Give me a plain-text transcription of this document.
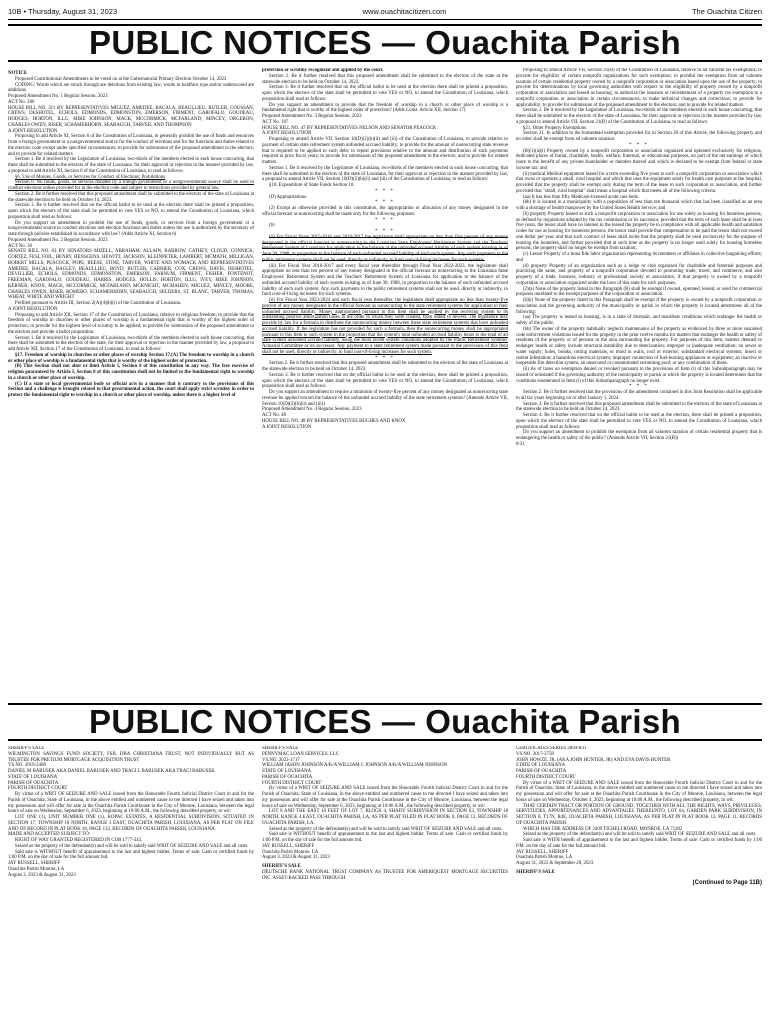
10B • Thursday, August 31, 2023	www.ouachitacitizen.com	The Ouachita Citizen
PUBLIC NOTICES — Ouachita Parish

NOTICE

Proposed Constitutional Amendments to be voted on at the Gubernatorial Primary Election October 14, 2023

CODING: Words which are struck through are deletions from existing law; words in boldface type and/or underscored are additions.

Proposed Amendment No. 1 Regular Session, 2023

ACT No. 200

HOUSE BILL NO. 311 BY REPRESENTATIVES MIGUEZ, AMEDEE, BACALA, BEAULLIEU, BUTLER, COUSSAN, CREWS, DESHOTEL, ECHOLS, EDMONDS, EDMONSTON, EMERSON, FIRMENT, GAROFALO, GOUDEAU, HODGES, HORTON, ILLG, MIKE JOHNSON, MACK, MCCORMICK, MCFARLAND, MINCEY, ORGERON, CHARLES OWEN, RISER, SCHAMERHORN, SEABAUGH, TARVER, AND THOMPSON

A JOINT RESOLUTION

Proposing to add Article XI, Section 6 of the Constitution of Louisiana, to generally prohibit the use of funds and resources from a foreign government or a nongovernmental source for the conduct of elections and for the functions and duties related to the election code except under specified circumstances; to provide for submission of the proposed amendment to the electors; and to provide for related matters.

Section 1. Be it resolved by the Legislature of Louisiana, two-thirds of the members elected to each house concurring, that there shall be submitted to the electors of the state of Louisiana, for their approval or rejection in the manner provided by law, a proposal to add Article XI, Section 6 of the Constitution of Louisiana, to read as follows:

§6. Use of Monies, Goods, or Services for Conduct of Elections; Prohibitions

Section 6. No funds, goods, or services donated by a foreign government or a nongovernmental source shall be used to conduct elections unless provided for in the election code and subject to restrictions provided by general law.

Section 2. Be it further resolved that this proposed amendment shall be submitted to the electors of the state of Louisiana at the statewide election to be held on October 14, 2023.

Section 3. Be it further resolved that on the official ballot to be used at the election there shall be printed a proposition, upon which the electors of the state shall be permitted to vote YES or NO, to amend the Constitution of Louisiana, which proposition shall read as follows:

Do you support an amendment to prohibit the use of funds, goods, or services from a foreign government or a nongovernmental source to conduct elections and election functions and duties unless the use is authorized by the secretary of state through policies established in accordance with law? (Adds Article XI, Section 6)

Proposed Amendment No. 2 Regular Session, 2023

ACT No. 30

SENATE BILL NO. 63 BY SENATORS MIZELL, ABRAHAM, ALLAIN, BARROW, CATHEY, CLOUD, CONNICK, CORTEZ, FESI, FOIL, HENRY, HENSGENS, HEWITT, JACKSON, KLEINPETER, LAMBERT, MCMATH, MILLIGAN, ROBERT MILLS, PEACOCK, POPE, REESE, STINE, TARVER, WHITE AND WOMACK AND REPRESENTATIVES AMEDEE, BACALA, BAGLEY, BEAULLIEU, BOYD, BUTLER, CARRIER, COX, CREWS, DAVIS, DESHOTEL, DEVILLIER, ECHOLS, EDMONDS, EDMONSTON, EMERSON, FARNUM, FIRMENT, FISHER, FONTENOT, FREEMAN, GAROFALO, GOUDEAU, HARRIS, HODGES, HOLLIS, HORTON, ILLG, IVEY, MIKE JOHNSON, KERNER, KNOX, MACK, MCCORMICK, MCFARLAND, MCKNIGHT, MCMAHEN, MIGUEZ, MINCEY, MOORE, CHARLES OWEN, RISER, ROMERO, SCHAMERHORN, SEABAUGH, SELDERS, ST. BLANC, TARVER, THOMAS, WHEAT, WHITE AND WRIGHT

Prefiled pursuant to Article III, Section 2(A)(4)(b)(i) of the Constitution of Louisiana.

A JOINT RESOLUTION

Proposing to add Article XII, Section 17 of the Constitution of Louisiana, relative to religious freedom; to provide that the freedom of worship in churches or other places of worship is a fundamental right that is worthy of the highest order of protection; to provide for the highest level of scrutiny to be applied; to provide for submission of the proposed amendment to the electors and provide a ballot proposition.

Section 1. Be it resolved by the Legislature of Louisiana, two-thirds of the members elected to each house concurring, that there shall be submitted to the electors of the state, for their approval or rejection in the manner provided by law, a proposal to add Article XII, Section 17 of the Constitution of Louisiana, to read as follows:

§17. Freedom of worship in churches or other places of worship Section 17.(A) The freedom to worship in a church or other place of worship is a fundamental right that is worthy of the highest order of protection.

(B) This Section shall not alter or limit Article I, Section 8 of this constitution in any way. The free exercise of religion guaranteed by Article I, Section 8 of this constitution shall not be limited to the fundamental right to worship in a church or other place of worship.

(C) If a state or local governmental body or official acts in a manner that is contrary to the provisions of this Section and a challenge is brought related to that governmental action, the court shall apply strict scrutiny in order to protect the fundamental right to worship in a church or other place of worship, unless there is a higher level of

protection or scrutiny recognized and applied by the court.

Section 2. Be it further resolved that this proposed amendment shall be submitted to the electors of the state at the statewide election to be held on October 14, 2023.

Section 3. Be it further resolved that on the official ballot to be used at the election there shall be printed a proposition, upon which the electors of the state shall be permitted to vote YES or NO, to amend the Constitution of Louisiana, which proposition shall read as follows:

Do you support an amendment to provide that the freedom of worship in a church or other place of worship is a fundamental right that is worthy of the highest order of protection? (Adds Const. Article XII, Section 17)

Proposed Amendment No. 3 Regular Session, 2023

ACT No. 107

HOUSE BILL NO. 47 BY REPRESENTATIVES NELSON AND SENATOR PEACOCK

A JOINT RESOLUTION

Proposing to amend Article VII, Section 10(D)(2)(b)(ii) and (iii) of the Constitution of Louisiana, to provide relative to payment of certain state retirement system unfunded accrued liability; to provide for the amount of nonrecurring state revenue that is required to be applied to such debt; to repeal provisions relative to the amount and distribution of such payments required in prior fiscal years; to provide for submission of the proposed amendment to the electors; and to provide for related matters.

Section 1. Be it resolved by the Legislature of Louisiana, two-thirds of the members elected to each house concurring, that there shall be submitted to the electors of the state of Louisiana, for their approval or rejection in the manner provided by law, a proposal to amend Article VII, Section 10(D)(2)(b)(ii) and (iii) of the Constitution of Louisiana, to read as follows:

§10. Expenditure of State Funds Section 10.

* * *

(D) Appropriations.

* * *

(2) Except as otherwise provided in this constitution, the appropriation or allocation of any money designated in the official forecast as nonrecurring shall be made only for the following purposes:

* * *

(b)

* * *

(ii) For Fiscal Years 2015-2016 and 2016-2017 the legislature shall appropriate no less than five percent of any money designated in the official forecast as nonrecurring to the Louisiana State Employees' Retirement System and the Teachers' Retirement System of Louisiana for application to the balance of the unfunded accrued liability of each system existing as of June 30, 1988, in proportion to the balance of each unfunded accrued liability of each such system. Any such payments to the public retirement systems shall not be used, directly or indirectly, to fund cost-of-living increases for such systems.

(iii) For Fiscal Year 2016-2017 and every fiscal year thereafter through Final Year 2022-2023, the legislature shall appropriate no less than ten percent of any money designated in the official forecast as nonrecurring to the Louisiana State Employees' Retirement System and the Teachers' Retirement System of Louisiana for application to the balance of the unfunded accrued liability of each system existing as of June 30, 1988, in proportion to the balance of each unfunded accrued liability of each such system. Any such payments to the public retirement systems shall not be used, directly or indirectly, to fund cost-of-living increases for such systems.

(ii) For Fiscal Year 2023-2024 and each fiscal year thereafter, the legislature shall appropriate no less than twenty-five percent of any money designated in the official forecast as nonrecurring to the state retirement systems for application to their unfunded accrued liability. Money appropriated pursuant to this Item shall be applied by the receiving system to its outstanding positive amortization bases in the order in which they were created, from oldest to newest. The legislature may provide by law for a formula to distribute the nonrecurring money between these state retirement systems that have unfunded accrued liability. If the legislature has not provided for such a formula, then the nonrecurring money shall be appropriated pursuant to this Item to such system in the proportion that the system's total unfunded accrued liability bears to the total of all state system unfunded accrued liability, using the most recent system valuations adopted by the Public Retirement Systems' Actuarial Committee or its successor. Any payment to a state retirement system made pursuant to the provisions of this Item shall not be used, directly or indirectly, to fund cost-of-living increases for such system.

* * *

Section 2. Be it further resolved that this proposed amendment shall be submitted to the electors of the state of Louisiana at the statewide election to be held on October 14, 2023.

Section 3. Be it further resolved that on the official ballot to be used at the election, there shall be printed a proposition, upon which the electors of the state shall be permitted to vote YES or NO, to amend the Constitution of Louisiana, which proposition shall read as follows:

Do you support an amendment to require a minimum of twenty-five percent of any money designated as nonrecurring state revenue be applied toward the balance of the unfunded accrued liability of the state retirement systems? (Amends Article VII, Section 10(D)(2)(b)(ii) and (iii))

Proposed Amendment No. 4 Regular Session, 2023

ACT No. 48

HOUSE BILL NO. 48 BY REPRESENTATIVES HUGHES AND KNOX

A JOINT RESOLUTION

Proposing to amend Article VII, Section 21(B) of the Constitution of Louisiana, relative to ad valorem tax exemptions; to provide for eligibility of certain nonprofit organizations for such exemption; to prohibit the exemption from ad valorem taxation of certain residential property owned by a nonprofit corporation or association based upon the use of the property; to provide for determinations by local governing authorities with respect to the eligibility of property owned by a nonprofit corporation or association and leased as housing; to authorize the issuance or reinstatement of a property tax exemption to a nonprofit corporation or association in certain circumstances; to make technical changes and corrections; to provide for applicability; to provide for submission of the proposed amendment to the electors; and to provide for related matters.

Section 1. Be it resolved by the Legislature of Louisiana, two-thirds of the members elected to each house concurring, that there shall be submitted to the electors of the state of Louisiana, for their approval or rejection in the manner provided by law, a proposal to amend Article VII, Section 21(B) of the Constitution of Louisiana, to read as follows:

§21. Other Property Exemptions

Section 21. In addition to the homestead exemption provided for in Section 20 of this Article, the following property and no other shall be exempt from ad valorem taxation:

* * *

(B)(1)(a)(i) Property owned by a nonprofit corporation or association organized and operated exclusively for religious, dedicated places of burial, charitable, health, welfare, fraternal, or educational purposes, no part of the net earnings of which inure to the benefit of any private shareholder or member thereof and which is declared to be exempt from federal or state income tax; and

(ii) medical Medical equipment leased for a term exceeding five years to such a nonprofit corporation or association which that owns or operates a small, rural hospital and which that uses the equipment solely for health care purposes at the hospital, provided that the property shall be exempt only during the term of the lease to such corporation or association, and further provided that "small, rural hospital" shall mean a hospital which that meets all of the following criteria:

(aa) It has less than fifty Medicare-licensed acute care beds.

(bb) It is located in a municipality with a population of less than ten thousand which that has been classified as an area with a shortage of health manpower by the United States Health Service; and

(b) property Property leased to such a nonprofit corporation or association for use solely as housing for homeless persons, as defined by regulations adopted by the tax commission or its successor, provided that the term of such lease shall be at least five years, the lessor shall have no interest in the leased the property be in compliance with all applicable health and sanitation codes for use as housing for homeless persons, the lessor shall provide that compensation to be paid the lessor shall not exceed one dollar per year, and that such contract of lease shall recite that the property shall be used exclusively for the purpose of housing the homeless, and further provided that at such time as the property is no longer used solely for housing homeless persons, the property shall no longer be exempt from taxation;

(c) Lessor Property of a bona fide labor organization representing its members or affiliates in collective bargaining efforts; and

(d) property Property of an organization such as a lodge or club organized for charitable and fraternal purposes and practicing the same, and property of a nonprofit corporation devoted to promoting trade, travel, and commerce, and also property of a trade, business, industry or professional society or association, if that property is owned by a nonprofit corporation or association organized under the laws of this state for such purposes.

(2)(a) None of the property listed in this Paragraph (B) shall be exempt if owned, operated, leased, or used for commercial purposes unrelated to the exempt purposes of the corporation or association.

(b)(i) None of the property listed in this Paragraph shall be exempt if the property is owned by a nonprofit corporation or association and the governing authority of the municipality or parish in which the property is located determines all of the following:

(aa) The property is leased as housing, is in a state of disrepair, and manifests conditions which endanger the health or safety of the public.

(bb) The owner of the property habitually neglects maintenance of the property as evidenced by three or more sustained code enforcement violations issued for the property in the prior twelve months for matters that endanger the health or safety of residents of the property or of persons in the area surrounding the property. For purposes of this Item, matters deemed to endanger health or safety include structural instability due to deterioration; improper or inadequate ventilation; no sewer or water supply; holes, breaks, rotting materials, or mold in walls, roof or exterior; substandard electrical systems; insect or rodent infestation; a hazardous electrical system; improper connection of fuel-burning appliances or equipment; an inactive or inoperable fire detection system; an unsecured or contaminated swimming pool; or any combination of these.

(ii) As of taxes on exemption denied or revoked pursuant to the provisions of Item (i) of this Subsubparagraph may be issued or reinstated if the governing authority of the municipality or parish in which the property is located determines that the conditions enumerated in Item (i) of this Subsubparagraph no longer exist.

* * *

Section 2. Be it further resolved that the provisions of the amendment contained in this Joint Resolution shall be applicable to all tax years beginning on or after January 1, 2024.

Section 3. Be it further resolved that this proposed amendment shall be submitted to the electors of the state of Louisiana at the statewide election to be held on October 14, 2023.

Section 4. Be it further resolved that on the official ballot to be used at the election, there shall be printed a proposition, upon which the electors of the state shall be permitted to vote YES or NO, to amend the Constitution of Louisiana, which proposition shall read as follows:

Do you support an amendment to prohibit the exemption from ad valorem taxation of certain residential property that is endangering the health or safety of the public? (Amends Article VII, Section 21(B))

8/31

PUBLIC NOTICES — Ouachita Parish

SHERIFF'S SALE

WILMINGTON SAVINGS FUND SOCIETY, FSB, DBA CHRISTIANA TRUST, NOT INDIVIDUALLY BUT AS TRUSTEE FOR PRETIUM MORTGAGE ACQUISITION TRUST

VS.NO. 2019-2408

DANIEL M BABUSEK AKA DANIEL BABUSEK AND TRACI L BABUSEK AKA TRACI BABUSEK

STATE OF LOUISIANA

PARISH OF OUACHITA

FOURTH DISTRICT COURT

By virtue of a WRIT OF SEIZURE AND SALE issued from the Honorable Fourth Judicial District Court in and for the Parish of Ouachita, State of Louisiana, in the above entitled and numbered cause to me directed I have seized and taken into my possession and will offer for sale at the Ouachita Parish Courthouse in the City of Monroe, Louisiana, between the legal hours of sale on Wednesday, September 6, 2023, beginning at 10:00 A.M., the following described property, to wit:

LOT ONE (1), UNIT NUMBER ONE (1), KOPAC ESTATES, A RESIDENTIAL SUBDIVISION, SITUATED IN SECTION 17, TOWNSHIP 18 NORTH, RANGE 3 EAST, OUACHITA PARISH, LOUISIANA, AS PER PLAT ON FILE AND OF RECORD IN PLAT BOOK 18, PAGE 132, RECORDS OF OUACHITA PARISH, LOUISIANA.

MADE AND ACCEPTED SUBJECT TO:

RIGHT OF WAY GRANTED REGISTERED IN COB 1777-343.

Seized as the property of the defendant(s) and will be sold to satisfy said WRIT OF SEIZURE AND SALE and all costs.

Said sale is WITHOUT benefit of appraisement to the last and highest bidder. Terms of sale: Cash or certified funds by 1:00 P.M. on the day of sale for the full amount bid.

JAY RUSSELL, SHERIFF

Ouachita Parish Monroe, LA

August 3, 2023 & August 31, 2023

SHERIFF'S SALE

PENNYMAC LOAN SERVICES, LLC

VS.NO. 2022-1717

WILLIAM JASON JOHNSON A/K/A WILLIAM J. JOHNSON A/K/A WILLIAM JOHNSON

STATE OF LOUISIANA

PARISH OF OUACHITA

FOURTH DISTRICT COURT

By virtue of a WRIT OF SEIZURE AND SALE issued from the Honorable Fourth Judicial District Court in and for the Parish of Ouachita, State of Louisiana, in the above entitled and numbered cause to me directed I have seized and taken into my possession and will offer for sale at the Ouachita Parish Courthouse in the City of Monroe, Louisiana, between the legal hours of sale on Wednesday, September 6, 2023, beginning at 10:00 A.M., the following described property, to wit:

LOT 8 AND THE EAST 10 FEET OF LOT 7, BLOCK 4, SHADY SUBDIVISION IN SECTION 63, TOWNSHIP 18 NORTH, RANGE 4 EAST, OUACHITA PARISH, LA, AS PER PLAT FILED IN PLAT BOOK 8, PAGE 12, RECORDS OF OUACHITA PARISH, LA.

Seized as the property of the defendant(s) and will be sold to satisfy said WRIT OF SEIZURE AND SALE and all costs.

Said sale is WITHOUT benefit of appraisement to the last and highest bidder. Terms of sale: Cash or certified funds by 1:00 P.M. on the day of sale for the full amount bid.

JAY RUSSELL, SHERIFF

Ouachita Parish Monroe, LA

August 3, 2023 & August 31, 2023

SHERIFF'S SALE

DEUTSCHE BANK NATIONAL TRUST COMPANY AS TRUSTEE FOR AMERIQUEST MORTGAGE SECURITIES INC. ASSET-BACKED PASS THROUGH

CERTIFICATES SERIES 2004-R11

VS.NO. 2017-3758

JOHN HOWZE, JR. (AKA JOHN HUNTER, JR) AND EVA DAVIS HUNTER

STATE OF LOUISIANA

PARISH OF OUACHITA

FOURTH DISTRICT COURT

By virtue of a WRIT OF SEIZURE AND SALE issued from the Honorable Fourth Judicial District Court in and for the Parish of Ouachita, State of Louisiana, in the above entitled and numbered cause to me directed I have seized and taken into my possession and will offer for sale at the Ouachita Parish Courthouse in the City of Monroe, Louisiana, between the legal hours of sale on Wednesday, October 4, 2023, beginning at 10:00 A.M., the following described property, to wit:

THAT CERTAIN TRACT OR PORTION OF GROUND, TOGETHER WITH ALL THE RIGHTS, WAYS, PRIVILEGES, SERVITUDES, APPURTENANCES AND ADVANTAGES THEREUNTO, LOT 64, GARDEN PARK SUBDIVISION, IN SECTION 8, T17N, R4E, OUACHITA PARISH, LOUISIANA, AS PER PLAT IN PLAT BOOK 12, PAGE 11, RECORDS OF OUACHITA PARISH.

WHICH HAS THE ADDRESS OF 2409 TICHELI ROAD, MONROE, LA 71202

Seized as the property of the defendant(s) and will be sold to satisfy said WRIT OF SEIZURE AND SALE and all costs.

Said sale is WITH benefit of appraisement to the last and highest bidder. Terms of sale: Cash or certified funds by 1:00 P.M. on the day of sale for the full amount bid.

JAY RUSSELL, SHERIFF

Ouachita Parish Monroe, LA

August 31, 2023 & September 28, 2023

SHERIFF'S SALE

(Continued to Page 11B)
